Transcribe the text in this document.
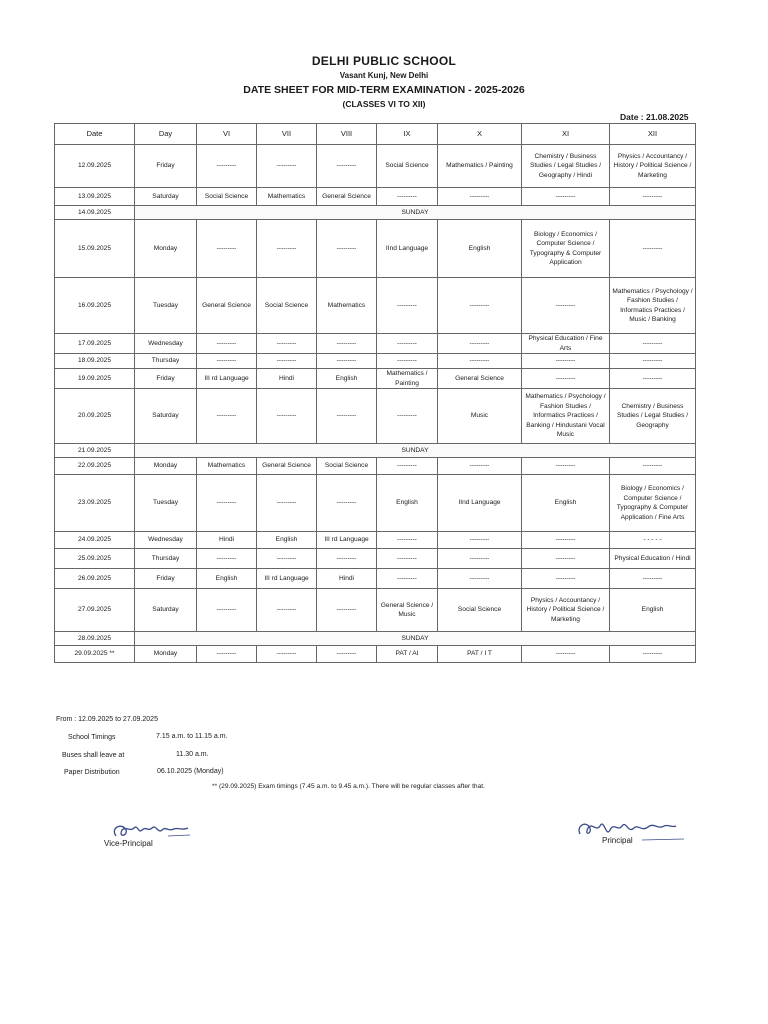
DELHI PUBLIC SCHOOL
Vasant Kunj, New Delhi
DATE SHEET FOR MID-TERM EXAMINATION - 2025-2026
(CLASSES VI TO XII)
Date : 21.08.2025
Date	Day	VI	VII	VIII	IX	X	XI	XII
12.09.2025	Friday	---------	---------	---------	Social Science	Mathematics / Painting	Chemistry / Business Studies / Legal Studies / Geography / Hindi	Physics / Accountancy / History / Political Science / Marketing
13.09.2025	Saturday	Social Science	Mathematics	General Science	---------	---------	---------	---------
14.09.2025	SUNDAY							
15.09.2025	Monday	---------	---------	---------	IInd Language	English	Biology / Economics / Computer Science / Typography & Computer Application	---------
16.09.2025	Tuesday	General Science	Social Science	Mathematics	---------	---------	---------	Mathematics / Psychology / Fashion Studies / Informatics Practices / Music / Banking
17.09.2025	Wednesday	---------	---------	---------	---------	---------	Physical Education / Fine Arts	---------
18.09.2025	Thursday	---------	---------	---------	---------	---------	---------	---------
19.09.2025	Friday	III rd Language	Hindi	English	Mathematics / Painting	General Science	---------	---------
20.09.2025	Saturday	---------	---------	---------	---------	Music	Mathematics / Psychology / Fashion Studies / Informatics Practices / Banking / Hindustani Vocal Music	Chemistry / Business Studies / Legal Studies / Geography
21.09.2025	SUNDAY							
22.09.2025	Monday	Mathematics	General Science	Social Science	---------	---------	---------	---------
23.09.2025	Tuesday	---------	---------	---------	English	IInd Language	English	Biology / Economics / Computer Science / Typography & Computer Application / Fine Arts
24.09.2025	Wednesday	Hindi	English	III rd Language	---------	---------	---------	- - - - -
25.09.2025	Thursday	---------	---------	---------	---------	---------	---------	Physical Education / Hindi
26.09.2025	Friday	English	III rd Language	Hindi	---------	---------	---------	---------
27.09.2025	Saturday	---------	---------	---------	General Science / Music	Social Science	Physics / Accountancy / History / Political Science / Marketing	English
28.09.2025	SUNDAY							
29.09.2025 **	Monday	---------	---------	---------	PAT / AI	PAT / I T	---------	---------
From : 12.09.2025 to 27.09.2025
School Timings	7.15 a.m. to 11.15 a.m.
Buses shall leave at	11.30 a.m.
Paper Distribution	06.10.2025 (Monday)
** (29.09.2025) Exam timings (7.45 a.m. to 9.45 a.m.). There will be regular classes after that.
Vice-Principal	Principal
